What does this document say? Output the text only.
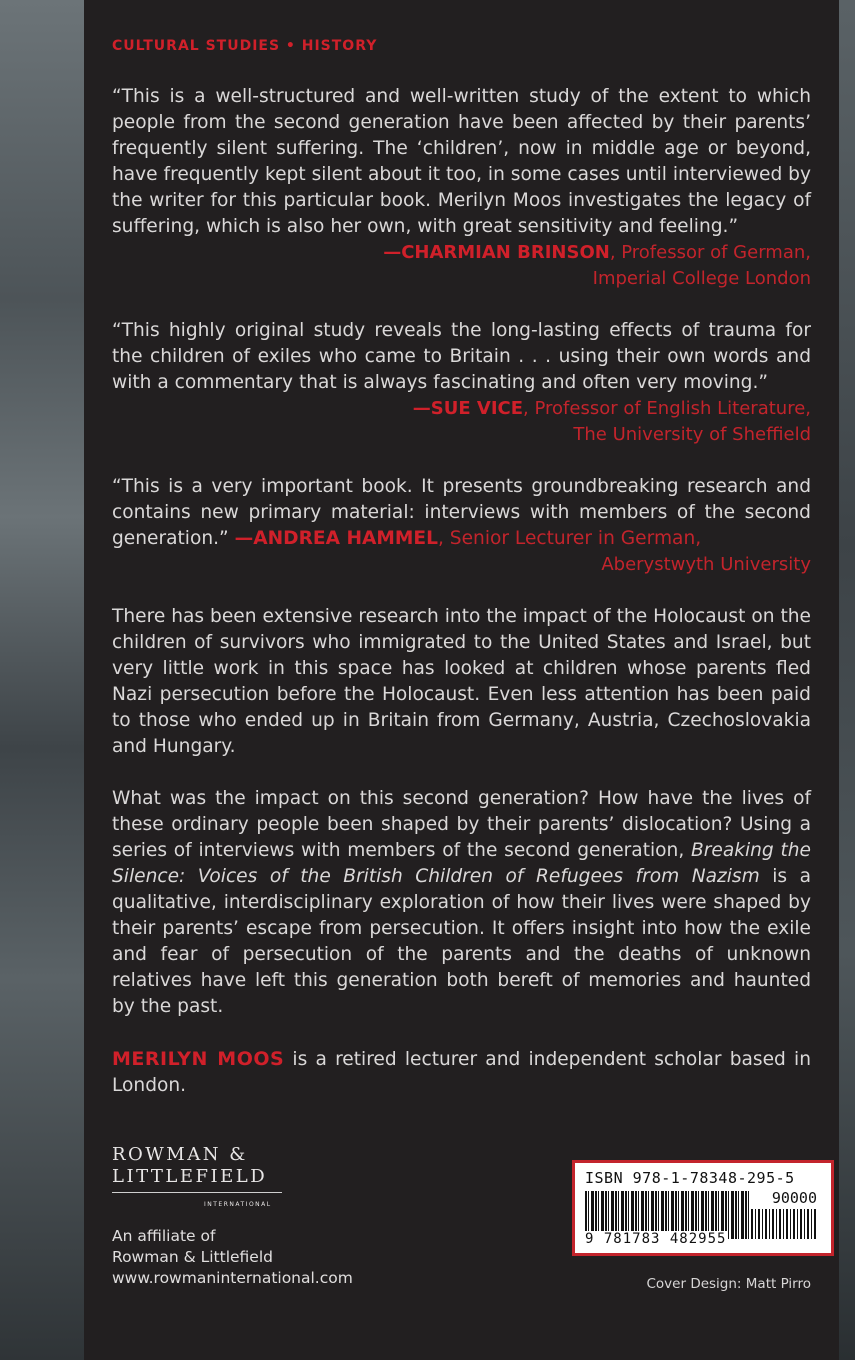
CULTURAL STUDIES • HISTORY

“This is a well-structured and well-written study of the extent to which people from the second generation have been affected by their parents’ frequently silent suffering. The ‘children’, now in middle age or beyond, have frequently kept silent about it too, in some cases until interviewed by the writer for this particular book. Merilyn Moos investigates the legacy of suffering, which is also her own, with great sensitivity and feeling.”

—CHARMIAN BRINSON, Professor of German,
Imperial College London

“This highly original study reveals the long-lasting effects of trauma for the children of exiles who came to Britain . . . using their own words and with a commentary that is always fascinating and often very moving.”

—SUE VICE, Professor of English Literature,
The University of Sheffield

“This is a very important book. It presents groundbreaking research and contains new primary material: interviews with members of the second generation.” —ANDREA HAMMEL, Senior Lecturer in German,

Aberystwyth University

There has been extensive research into the impact of the Holocaust on the children of survivors who immigrated to the United States and Israel, but very little work in this space has looked at children whose parents fled Nazi persecution before the Holocaust. Even less attention has been paid to those who ended up in Britain from Germany, Austria, Czechoslovakia and Hungary.

What was the impact on this second generation? How have the lives of these ordinary people been shaped by their parents’ dislocation? Using a series of interviews with members of the second generation, Breaking the Silence: Voices of the British Children of Refugees from Nazism is a qualitative, interdisciplinary exploration of how their lives were shaped by their parents’ escape from persecution. It offers insight into how the exile and fear of persecution of the parents and the deaths of unknown relatives have left this generation both bereft of memories and haunted by the past.

MERILYN MOOS is a retired lecturer and independent scholar based in London.

ROWMAN &
LITTLEFIELD
INTERNATIONAL
An affiliate of
Rowman & Littlefield
www.rowmaninternational.com
ISBN 978-1-78348-295-5
90000
9 781783 482955
Cover Design: Matt Pirro
